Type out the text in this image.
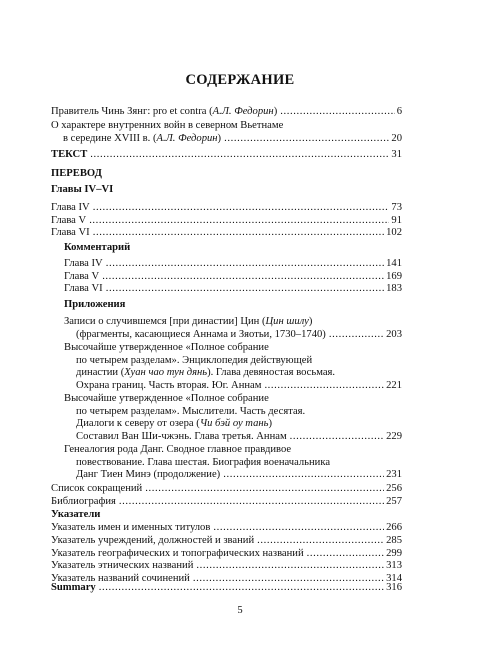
СОДЕРЖАНИЕ
Правитель Чинь Зянг: pro et contra (А.Л. Федорин) .....	6
О характере внутренних войн в северном Вьетнаме
в середине XVIII в. (А.Л. Федорин) .....	20
ТЕКСТ .....	31
ПЕРЕВОД
Главы IV–VI
Глава IV .....	73
Глава V .....	91
Глава VI .....	102
Комментарий
Глава IV .....	141
Глава V .....	169
Глава VI .....	183
Приложения
Записи о случившемся [при династии] Цин (Цин шилу)
(фрагменты, касающиеся Аннама и Зяотьи, 1730–1740) .....	203
Высочайше утвержденное «Полное собрание
по четырем разделам». Энциклопедия действующей
династии (Хуан чао тун дянь). Глава девяностая восьмая.
Охрана границ. Часть вторая. Юг. Аннам .....	221
Высочайше утвержденное «Полное собрание
по четырем разделам». Мыслители. Часть десятая.
Диалоги к северу от озера (Чи бэй оу тань)
Составил Ван Ши-чжэнь. Глава третья. Аннам .....	229
Генеалогия рода Данг. Сводное главное правдивое
повествование. Глава шестая. Биография военачальника
Данг Тиен Минэ (продолжение) .....	231
Список сокращений .....	256
Библиография .....	257
Указатели
Указатель имен и именных титулов .....	266
Указатель учреждений, должностей и званий .....	285
Указатель географических и топографических названий .....	299
Указатель этнических названий .....	313
Указатель названий сочинений .....	314
Summary .....	316
5
